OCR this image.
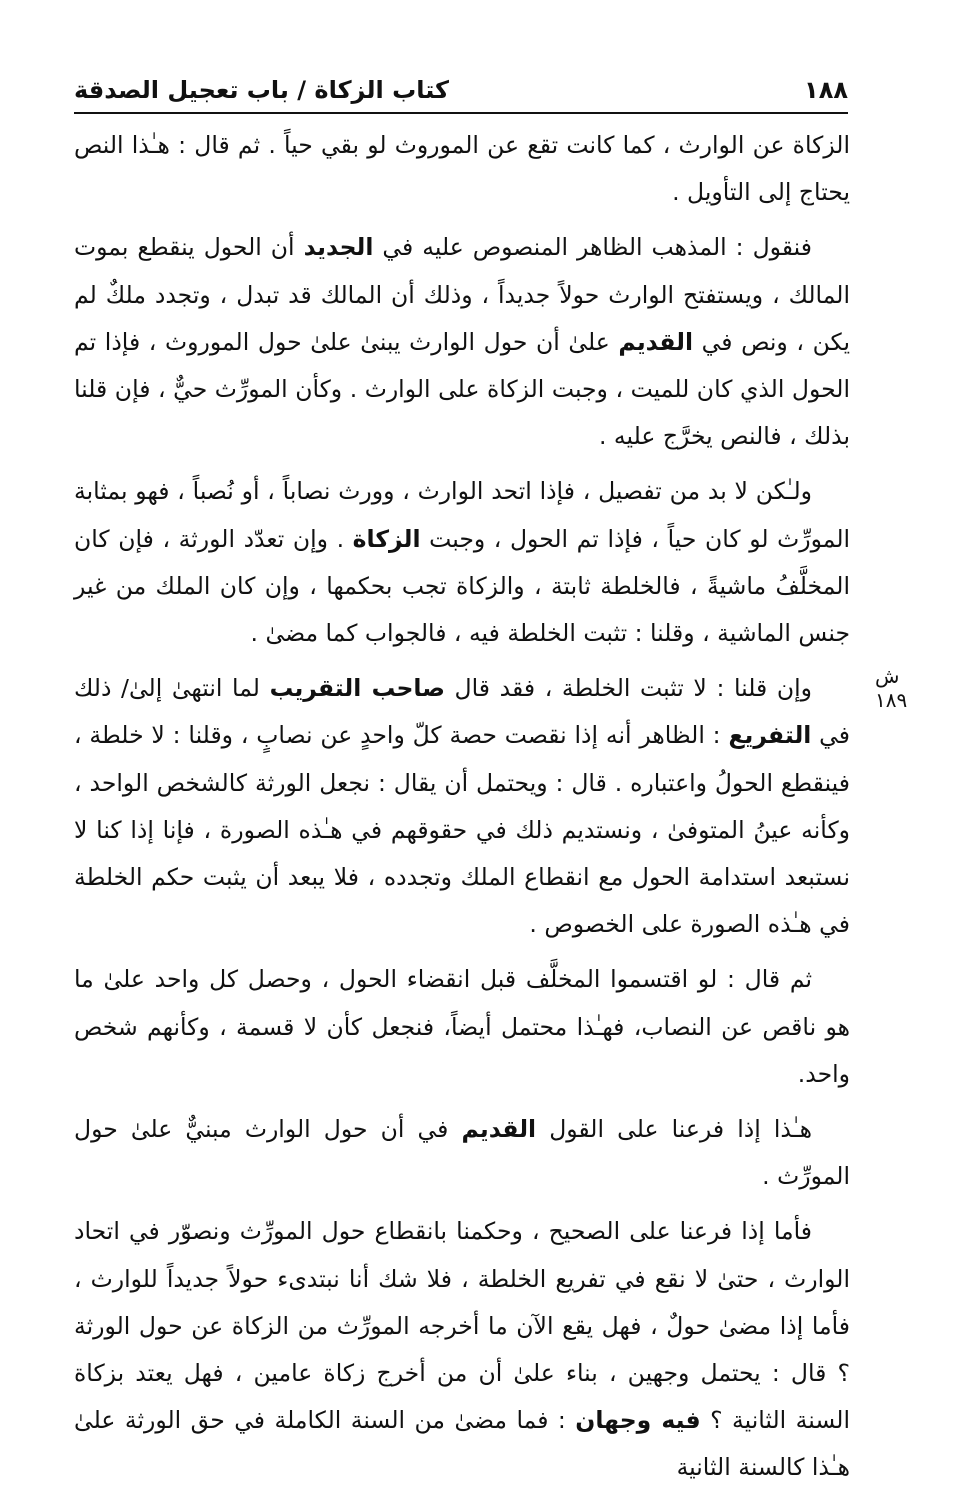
١٨٨
كتاب الزكاة / باب تعجيل الصدقة
ش ١٨٩

الزكاة عن الوارث ، كما كانت تقع عن الموروث لو بقي حياً . ثم قال : هـٰذا النص يحتاج إلى التأويل .

فنقول : المذهب الظاهر المنصوص عليه في الجديد أن الحول ينقطع بموت المالك ، ويستفتح الوارث حولاً جديداً ، وذلك أن المالك قد تبدل ، وتجدد ملكٌ لم يكن ، ونص في القديم علىٰ أن حول الوارث يبنىٰ علىٰ حول الموروث ، فإذا تم الحول الذي كان للميت ، وجبت الزكاة على الوارث . وكأن المورِّث حيٌّ ، فإن قلنا بذلك ، فالنص يخرَّج عليه .

ولـٰكن لا بد من تفصيل ، فإذا اتحد الوارث ، وورث نصاباً ، أو نُصباً ، فهو بمثابة المورِّث لو كان حياً ، فإذا تم الحول ، وجبت الزكاة . وإن تعدّد الورثة ، فإن كان المخلَّفُ ماشيةً ، فالخلطة ثابتة ، والزكاة تجب بحكمها ، وإن كان الملك من غير جنس الماشية ، وقلنا : تثبت الخلطة فيه ، فالجواب كما مضىٰ .

وإن قلنا : لا تثبت الخلطة ، فقد قال صاحب التقريب لما انتهىٰ إلىٰ/ ذلك في التفريع : الظاهر أنه إذا نقصت حصة كلّ واحدٍ عن نصابٍ ، وقلنا : لا خلطة ، فينقطع الحولُ واعتباره . قال : ويحتمل أن يقال : نجعل الورثة كالشخص الواحد ، وكأنه عينُ المتوفىٰ ، ونستديم ذلك في حقوقهم في هـٰذه الصورة ، فإنا إذا كنا لا نستبعد استدامة الحول مع انقطاع الملك وتجدده ، فلا يبعد أن يثبت حكم الخلطة في هـٰذه الصورة على الخصوص .

ثم قال : لو اقتسموا المخلَّف قبل انقضاء الحول ، وحصل كل واحد علىٰ ما هو ناقص عن النصاب، فهـٰذا محتمل أيضاً، فنجعل كأن لا قسمة ، وكأنهم شخص واحد.

هـٰذا إذا فرعنا على القول القديم في أن حول الوارث مبنيٌّ علىٰ حول المورِّث .

فأما إذا فرعنا على الصحيح ، وحكمنا بانقطاع حول المورِّث ونصوّر في اتحاد الوارث ، حتىٰ لا نقع في تفريع الخلطة ، فلا شك أنا نبتدىء حولاً جديداً للوارث ، فأما إذا مضىٰ حولٌ ، فهل يقع الآن ما أخرجه المورِّث من الزكاة عن حول الورثة ؟ قال : يحتمل وجهين ، بناء علىٰ أن من أخرج زكاة عامين ، فهل يعتد بزكاة السنة الثانية ؟ فيه وجهان : فما مضىٰ من السنة الكاملة في حق الورثة علىٰ هـٰذا كالسنة الثانية
